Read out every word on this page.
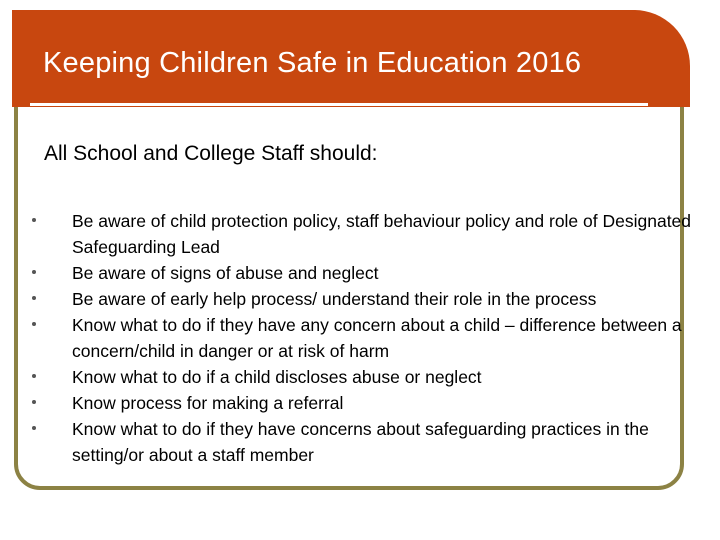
Keeping Children Safe in Education 2016
All School and College Staff should:
Be aware of child protection policy, staff behaviour policy and role of Designated Safeguarding Lead
Be aware of signs of abuse and neglect
Be aware of early help process/ understand their role in the process
Know what to do if they have any concern about a child – difference between a concern/child in danger or at risk of harm
Know what to do if a child discloses abuse or neglect
Know process for making a referral
Know what to do if they have concerns about safeguarding practices in the setting/or about a staff member
